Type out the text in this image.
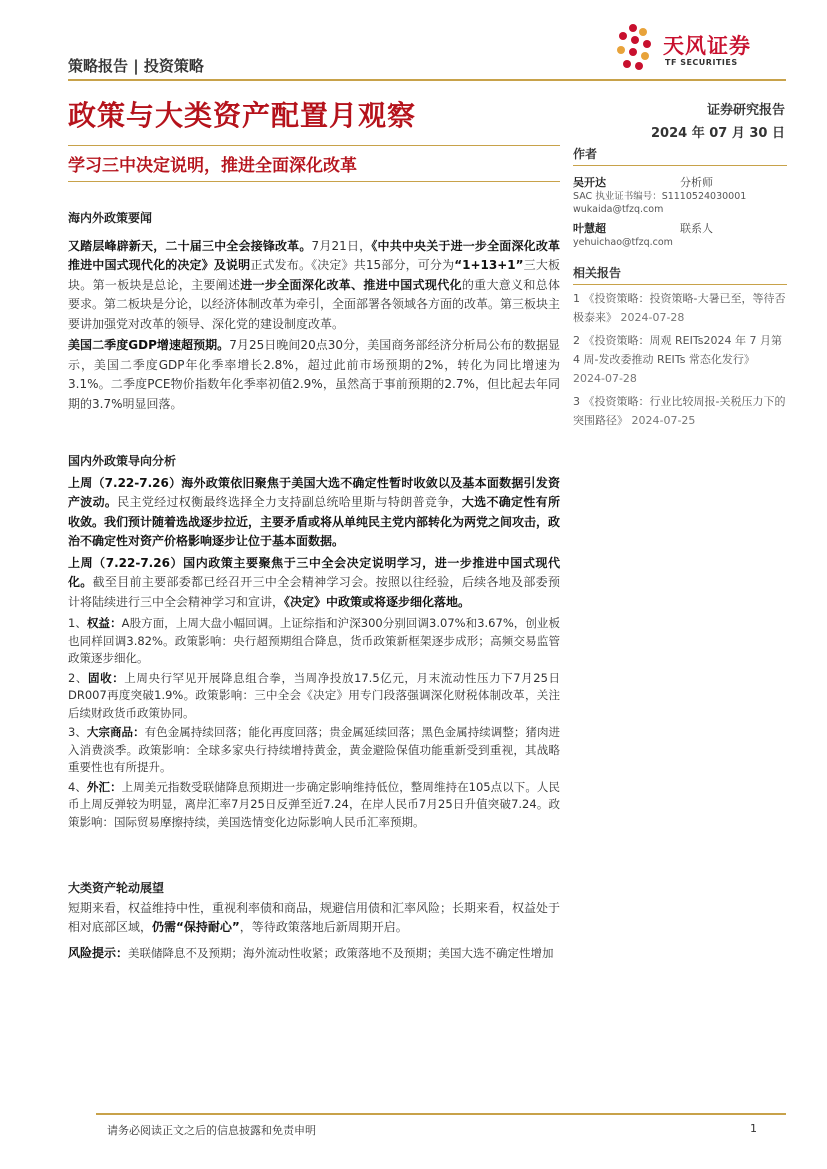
策略报告 | 投资策略
天风证券
TF SECURITIES
政策与大类资产配置月观察	证券研究报告
2024 年 07 月 30 日
学习三中决定说明，推进全面深化改革
作者
吴开达	分析师
SAC 执业证书编号：S1110524030001
wukaida@tfzq.com
叶慧超	联系人
yehuichao@tfzq.com
相关报告
1 《投资策略：投资策略-大暑已至，等待否极泰来》 2024-07-28
2 《投资策略：周观 REITs2024 年 7 月第 4 周-发改委推动 REITs 常态化发行》 2024-07-28
3 《投资策略：行业比较周报-关税压力下的突围路径》 2024-07-25
海内外政策要闻
又踏层峰辟新天，二十届三中全会接锋改革。7月21日，《中共中央关于进一步全面深化改革　推进中国式现代化的决定》及说明正式发布。《决定》共15部分，可分为“1+13+1”三大板块。第一板块是总论，主要阐述进一步全面深化改革、推进中国式现代化的重大意义和总体要求。第二板块是分论，以经济体制改革为牵引，全面部署各领域各方面的改革。第三板块主要讲加强党对改革的领导、深化党的建设制度改革。
美国二季度GDP增速超预期。7月25日晚间20点30分，美国商务部经济分析局公布的数据显示，美国二季度GDP年化季率增长2.8%，超过此前市场预期的2%，转化为同比增速为3.1%。二季度PCE物价指数年化季率初值2.9%，虽然高于事前预期的2.7%，但比起去年同期的3.7%明显回落。
国内外政策导向分析
上周（7.22-7.26）海外政策依旧聚焦于美国大选不确定性暂时收敛以及基本面数据引发资产波动。民主党经过权衡最终选择全力支持副总统哈里斯与特朗普竞争，大选不确定性有所收敛。我们预计随着选战逐步拉近，主要矛盾或将从单纯民主党内部转化为两党之间攻击，政治不确定性对资产价格影响逐步让位于基本面数据。
上周（7.22-7.26）国内政策主要聚焦于三中全会决定说明学习，进一步推进中国式现代化。截至目前主要部委都已经召开三中全会精神学习会。按照以往经验，后续各地及部委预计将陆续进行三中全会精神学习和宣讲，《决定》中政策或将逐步细化落地。
1、权益：A股方面，上周大盘小幅回调。上证综指和沪深300分别回调3.07%和3.67%，创业板也同样回调3.82%。政策影响：央行超预期组合降息，货币政策新框架逐步成形；高频交易监管政策逐步细化。
2、固收：上周央行罕见开展降息组合拳，当周净投放17.5亿元，月末流动性压力下7月25日DR007再度突破1.9%。政策影响：三中全会《决定》用专门段落强调深化财税体制改革，关注后续财政货币政策协同。
3、大宗商品：有色金属持续回落；能化再度回落；贵金属延续回落；黑色金属持续调整；猪肉进入消费淡季。政策影响：全球多家央行持续增持黄金，黄金避险保值功能重新受到重视，其战略重要性也有所提升。
4、外汇：上周美元指数受联储降息预期进一步确定影响维持低位，整周维持在105点以下。人民币上周反弹较为明显，离岸汇率7月25日反弹至近7.24，在岸人民币7月25日升值突破7.24。政策影响：国际贸易摩擦持续，美国选情变化边际影响人民币汇率预期。
大类资产轮动展望
短期来看，权益维持中性，重视利率债和商品，规避信用债和汇率风险；长期来看，权益处于相对底部区域，仍需“保持耐心”，等待政策落地后新周期开启。
风险提示： 美联储降息不及预期；海外流动性收紧；政策落地不及预期；美国大选不确定性增加
请务必阅读正文之后的信息披露和免责申明	1
